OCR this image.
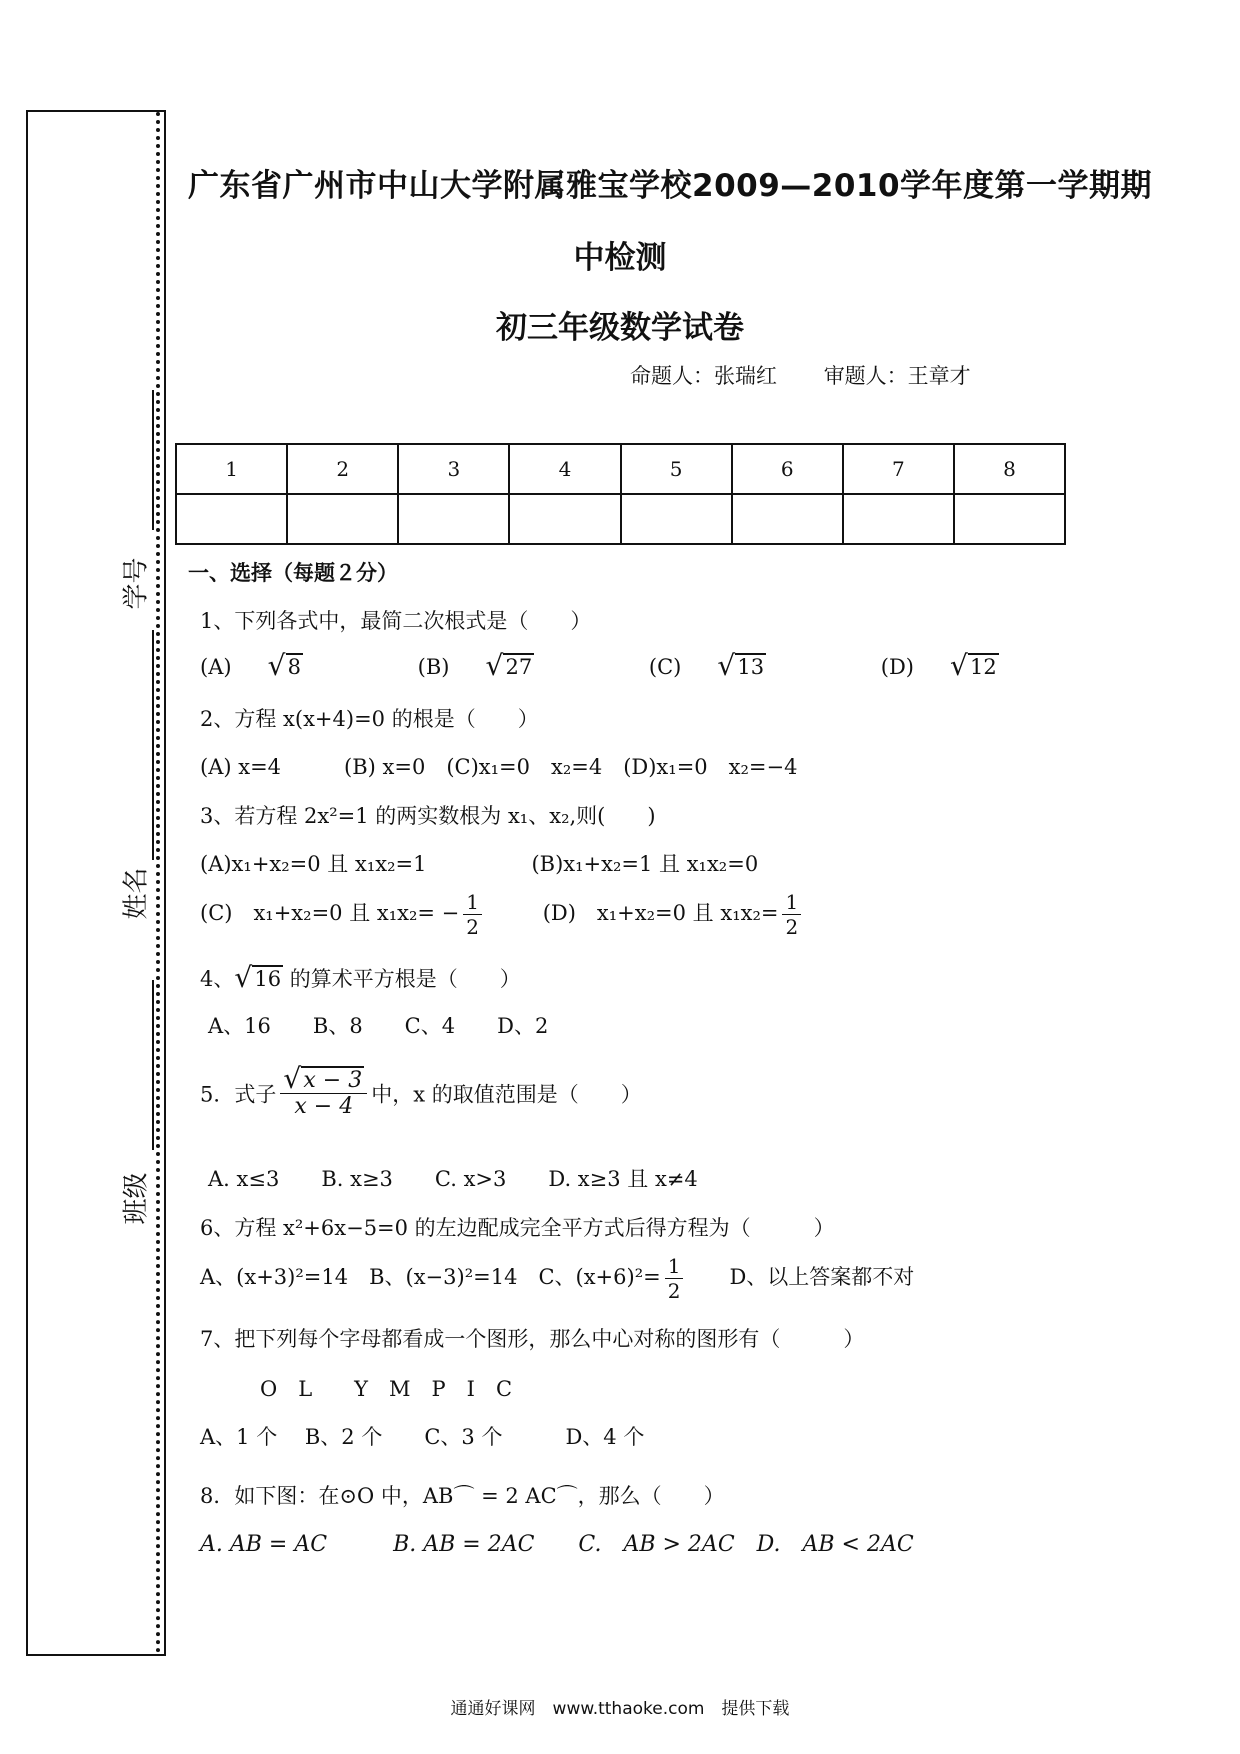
学号
姓名
班级
广东省广州市中山大学附属雅宝学校2009—2010学年度第一学期期
中检测
初三年级数学试卷
命题人：张瑞红 审题人：王章才
1	2	3	4	5	6	7	8

一、选择（每题２分）
1、下列各式中，最简二次根式是（　　）
(A)	√ 8	(B)	√ 27	(C)	√ 13	(D)	√ 12
2、方程 x(x+4)=0 的根是（　　）
(A) x=4　　　(B) x=0　(C)x₁=0　x₂=4　(D)x₁=0　x₂=−4
3、若方程 2x²=1 的两实数根为 x₁、x₂,则(　　)
(A)x₁+x₂=0 且 x₁x₂=1　　　　　(B)x₁+x₂=1 且 x₁x₂=0
(C)　x₁+x₂=0 且 $x_1x_2= - \frac{1}{2}$	(D)　x₁+x₂=0 且 $x_1x_2= \frac{1}{2}$
4、 √ 16 的算术平方根是（　　）
A、16　　B、8　　C、4　　D、2
5．式子 √ $\frac{x - 3}{x - 4}$ 中，x 的取值范围是（　　）
A. x≤3　　B. x≥3　　C. x>3　　D. x≥3 且 x≠4
6、方程 x²+6x−5=0 的左边配成完全平方式后得方程为（　　　）
A、(x+3)²=14　B、(x−3)²=14　C、$(x+6)^2= \frac{1}{2}$ 　　D、以上答案都不对
7、把下列每个字母都看成一个图形，那么中心对称的图形有（　　　）
O　L　　Y　M　P　I　C
A、1 个　 B、2 个　　C、3 个　　　D、4 个
8．如下图：在⊙O 中，AB⌒ = 2 AC⌒，那么（　　）
A. AB = AC　　　B. AB = 2AC　　C.　AB > 2AC　D.　AB < 2AC
通通好课网　www.tthaoke.com　提供下载
